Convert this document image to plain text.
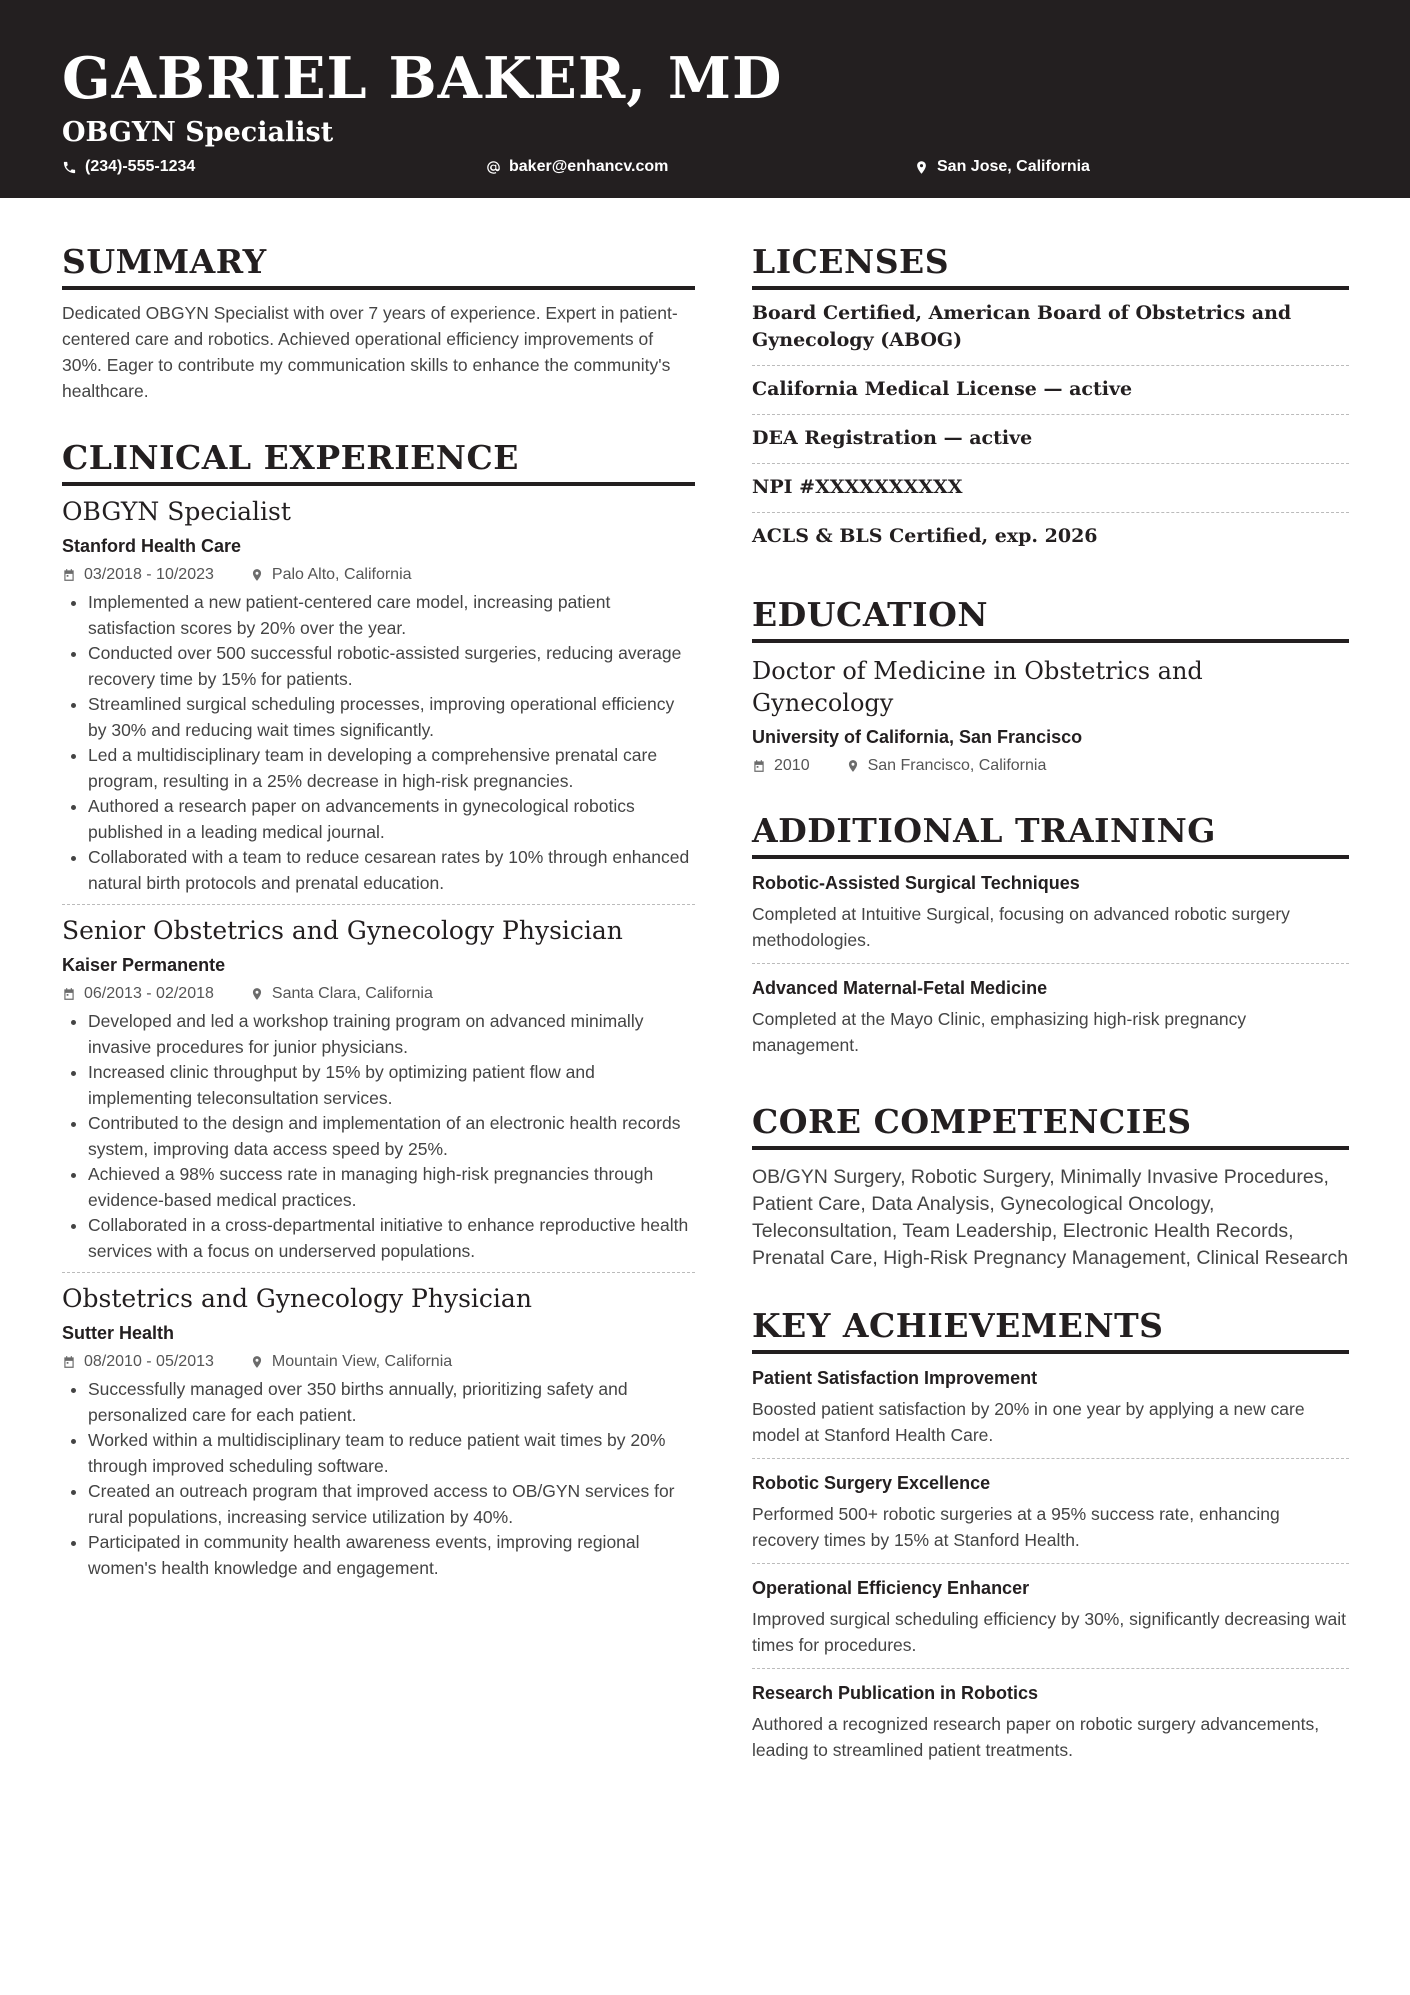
GABRIEL BAKER, MD
OBGYN Specialist
(234)-555-1234	baker@enhancv.com	San Jose, California
SUMMARY

Dedicated OBGYN Specialist with over 7 years of experience. Expert in patient-centered care and robotics. Achieved operational efficiency improvements of 30%. Eager to contribute my communication skills to enhance the community's healthcare.

CLINICAL EXPERIENCE
OBGYN Specialist
Stanford Health Care
03/2018 - 10/2023	Palo Alto, California
• Implemented a new patient-centered care model, increasing patient satisfaction scores by 20% over the year.
• Conducted over 500 successful robotic-assisted surgeries, reducing average recovery time by 15% for patients.
• Streamlined surgical scheduling processes, improving operational efficiency by 30% and reducing wait times significantly.
• Led a multidisciplinary team in developing a comprehensive prenatal care program, resulting in a 25% decrease in high-risk pregnancies.
• Authored a research paper on advancements in gynecological robotics published in a leading medical journal.
• Collaborated with a team to reduce cesarean rates by 10% through enhanced natural birth protocols and prenatal education.
Senior Obstetrics and Gynecology Physician
Kaiser Permanente
06/2013 - 02/2018	Santa Clara, California
• Developed and led a workshop training program on advanced minimally invasive procedures for junior physicians.
• Increased clinic throughput by 15% by optimizing patient flow and implementing teleconsultation services.
• Contributed to the design and implementation of an electronic health records system, improving data access speed by 25%.
• Achieved a 98% success rate in managing high-risk pregnancies through evidence-based medical practices.
• Collaborated in a cross-departmental initiative to enhance reproductive health services with a focus on underserved populations.
Obstetrics and Gynecology Physician
Sutter Health
08/2010 - 05/2013	Mountain View, California
• Successfully managed over 350 births annually, prioritizing safety and personalized care for each patient.
• Worked within a multidisciplinary team to reduce patient wait times by 20% through improved scheduling software.
• Created an outreach program that improved access to OB/GYN services for rural populations, increasing service utilization by 40%.
• Participated in community health awareness events, improving regional women's health knowledge and engagement.
LICENSES
Board Certified, American Board of Obstetrics and Gynecology (ABOG)
California Medical License — active
DEA Registration — active
NPI #XXXXXXXXXX
ACLS & BLS Certified, exp. 2026
EDUCATION
Doctor of Medicine in Obstetrics and Gynecology
University of California, San Francisco
2010	San Francisco, California
ADDITIONAL TRAINING
Robotic-Assisted Surgical Techniques

Completed at Intuitive Surgical, focusing on advanced robotic surgery methodologies.

Advanced Maternal-Fetal Medicine

Completed at the Mayo Clinic, emphasizing high-risk pregnancy management.

CORE COMPETENCIES

OB/GYN Surgery, Robotic Surgery, Minimally Invasive Procedures, Patient Care, Data Analysis, Gynecological Oncology, Teleconsultation, Team Leadership, Electronic Health Records, Prenatal Care, High-Risk Pregnancy Management, Clinical Research

KEY ACHIEVEMENTS
Patient Satisfaction Improvement

Boosted patient satisfaction by 20% in one year by applying a new care model at Stanford Health Care.

Robotic Surgery Excellence

Performed 500+ robotic surgeries at a 95% success rate, enhancing recovery times by 15% at Stanford Health.

Operational Efficiency Enhancer

Improved surgical scheduling efficiency by 30%, significantly decreasing wait times for procedures.

Research Publication in Robotics

Authored a recognized research paper on robotic surgery advancements, leading to streamlined patient treatments.
